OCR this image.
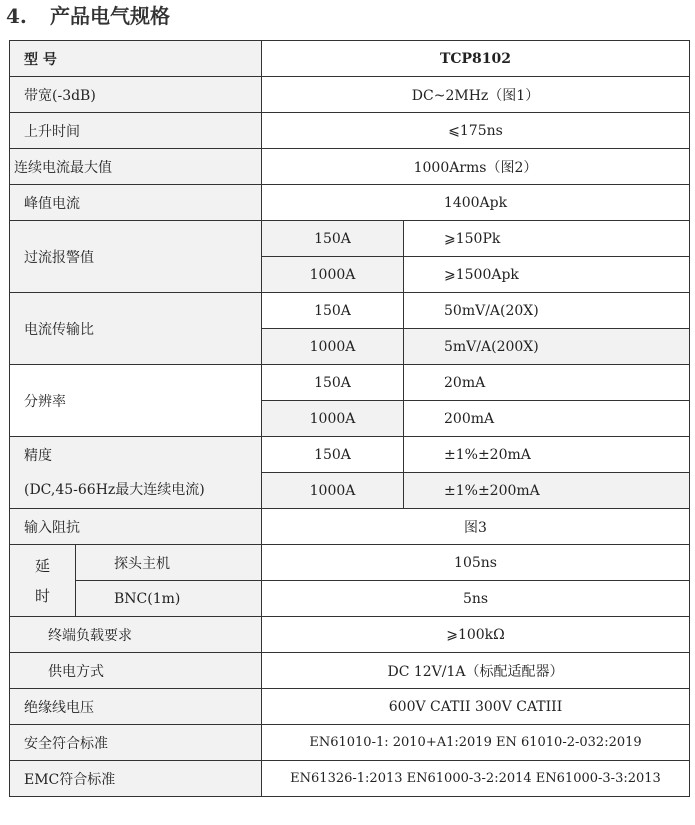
4. 产品电气规格
型 号		TCP8102	
带宽(-3dB)		DC~2MHz（图1）	
上升时间		⩽175ns	
连续电流最大值		1000Arms（图2）	
峰值电流		1400Apk	
过流报警值		150A	⩾150Pk
		1000A	⩾1500Apk
电流传输比		150A	50mV/A(20X)
		1000A	5mV/A(200X)
分辨率		150A	20mA
		1000A	200mA

精度
(DC,45-66Hz最大连续电流)		150A	±1%±20mA
		1000A	±1%±200mA
输入阻抗		图3	

延
时	探头主机	105ns	
	BNC(1m)	5ns	
终端负载要求		⩾100kΩ	
供电方式		DC 12V/1A（标配适配器）	
绝缘线电压		600V CATII 300V CATIII	
安全符合标准		EN61010-1: 2010+A1:2019 EN 61010-2-032:2019	
EMC符合标准		EN61326-1:2013 EN61000-3-2:2014 EN61000-3-3:2013	
